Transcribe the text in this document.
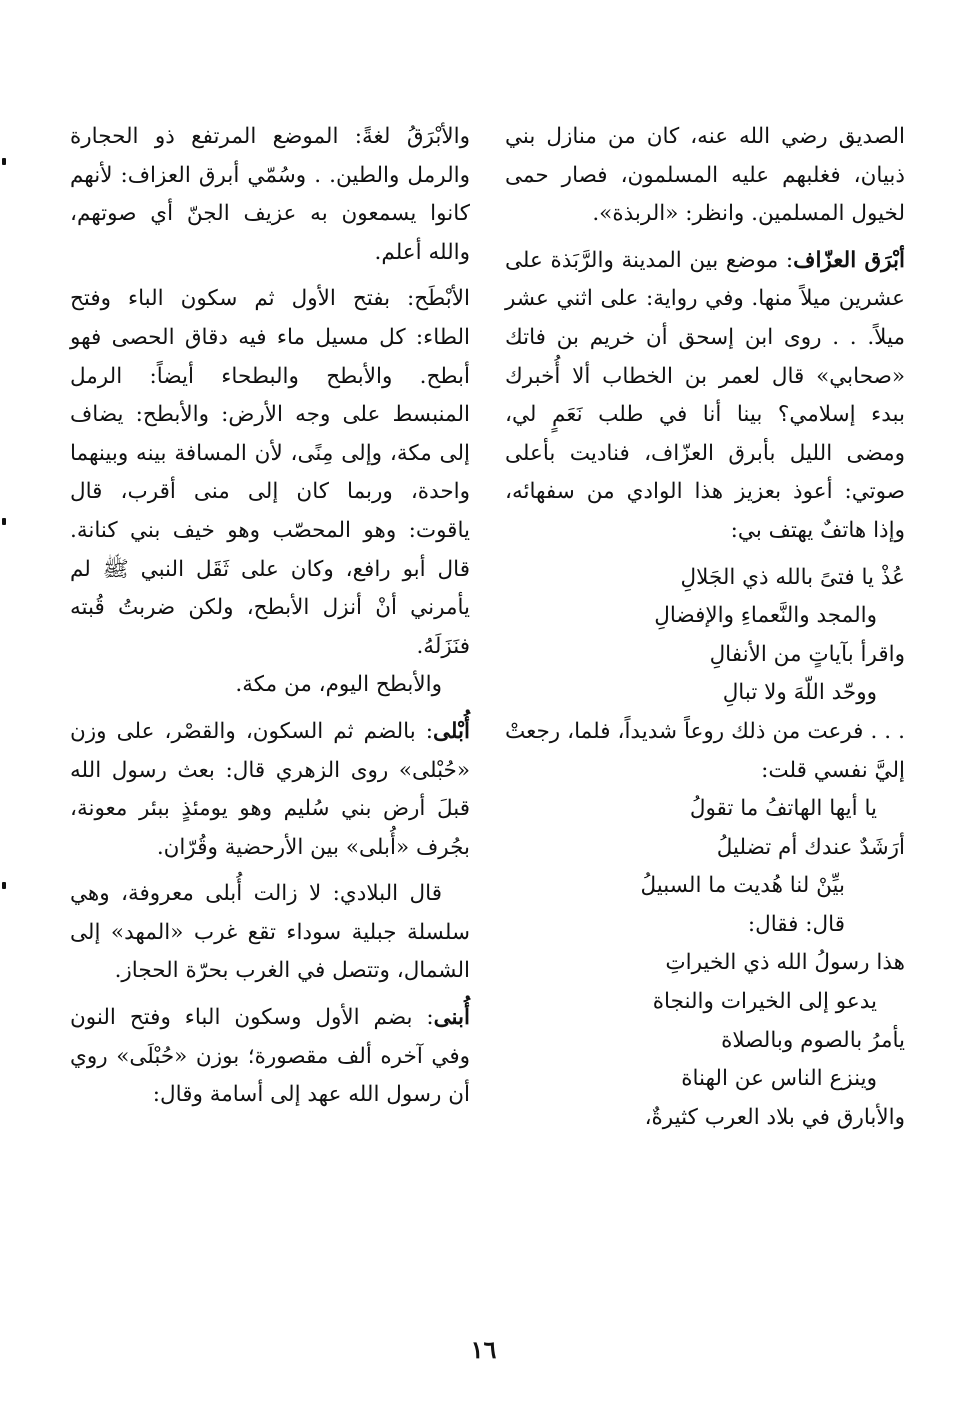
الصديق رضي الله عنه، كان من منازل بني ذبيان، فغلبهم عليه المسلمون، فصار حمى لخيول المسلمين. وانظر: «الربذة».

أبْرَق العزّاف: موضع بين المدينة والرَّبَذة على عشرين ميلاً منها. وفي رواية: على اثني عشر ميلاً. . . روى ابن إسحق أن خريم بن فاتك «صحابي» قال لعمر بن الخطاب ألا أُخبرك ببدء إسلامي؟ بينا أنا في طلب نَعَمٍ لي، ومضى الليل بأبرق العزّاف، فناديت بأعلى صوتي: أعوذ بعزيز هذا الوادي من سفهائه، وإذا هاتفٌ يهتف بي:

عُذْ يا فتىً بالله ذي الجَلالِ

والمجد والنَّعماءِ والإفضالِ

واقرأ بآياتٍ من الأنفالِ

ووحّد اللّهَ ولا تبالِ

. . . فرعت من ذلك روعاً شديداً، فلما، رجعتْ إليَّ نفسي قلت:

يا أيها الهاتفُ ما تقولُ

أرَشَدٌ عندك أم تضليلُ

بيِّنْ لنا هُديت ما السبيلُ

قال: فقال:

هذا رسولُ الله ذي الخيراتِ

يدعو إلى الخيرات والنجاة

يأمرُ بالصوم وبالصلاة

وينزع الناس عن الهناة

والأبارق في بلاد العرب كثيرةٌ،

والأبْرَقُ لغةً: الموضع المرتفع ذو الحجارة والرمل والطين. . وسُمّي أبرق العزاف: لأنهم كانوا يسمعون به عزيف الجنّ أي صوتهم، والله أعلم.

الأبْطَح: بفتح الأول ثم سكون الباء وفتح الطاء: كل مسيل ماء فيه دقاق الحصى فهو أبطح. والأبطح والبطحاء أيضاً: الرمل المنبسط على وجه الأرض: والأبطح: يضاف إلى مكة، وإلى مِنًى، لأن المسافة بينه وبينهما واحدة، وربما كان إلى منى أقرب، قال ياقوت: وهو المحصّب وهو خيف بني كنانة. قال أبو رافع، وكان على ثَقَل النبي ﷺ لم يأمرني أنْ أنزل الأبطح، ولكن ضربتُ قُبته فنَزَلَهُ.

والأبطح اليوم، من مكة.

أُبْلى: بالضم ثم السكون، والقصْر، على وزن «حُبْلى» روى الزهري قال: بعث رسول الله قبلَ أرض بني سُليم وهو يومئذٍ ببئر معونة، بجُرف «أُبلى» بين الأرحضية وقُرّان.

قال البلادي: لا زالت أُبلى معروفة، وهي سلسلة جبلية سوداء تقع غرب «المهد» إلى الشمال، وتتصل في الغرب بحرّة الحجاز.

أُبنى: بضم الأول وسكون الباء وفتح النون وفي آخره ألف مقصورة؛ بوزن «حُبْلَى» روي أن رسول الله عهد إلى أسامة وقال:

١٦
